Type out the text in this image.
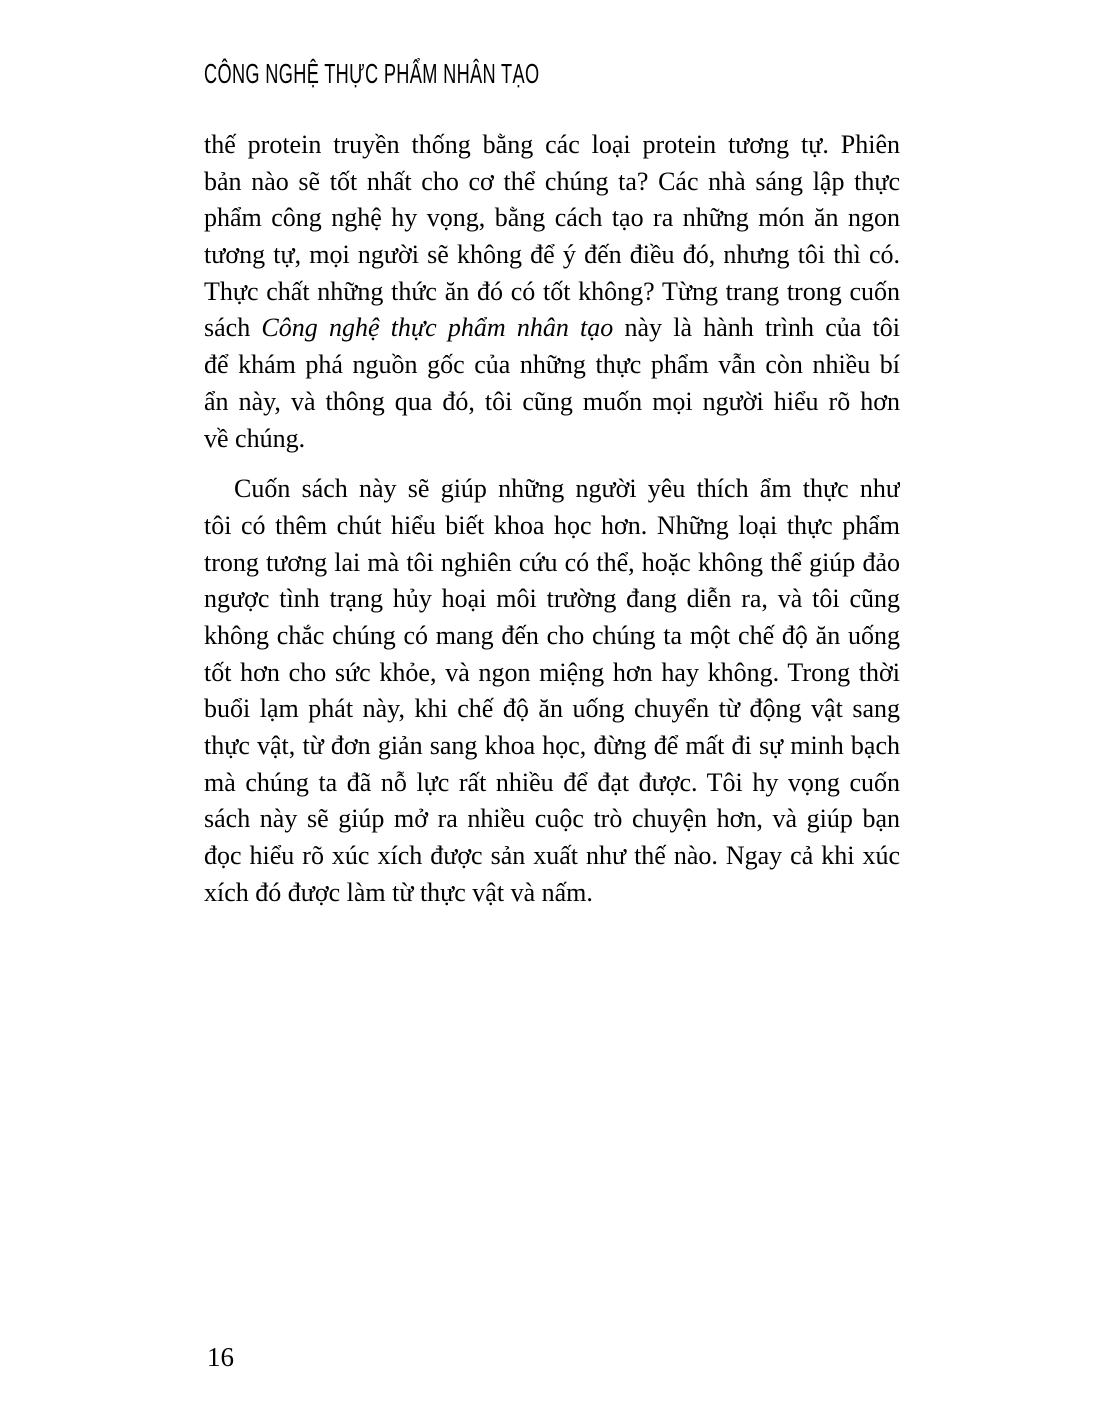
CÔNG NGHỆ THỰC PHẨM NHÂN TẠO
thế protein truyền thống bằng các loại protein tương tự. Phiên
bản nào sẽ tốt nhất cho cơ thể chúng ta? Các nhà sáng lập thực
phẩm công nghệ hy vọng, bằng cách tạo ra những món ăn ngon
tương tự, mọi người sẽ không để ý đến điều đó, nhưng tôi thì có.
Thực chất những thức ăn đó có tốt không? Từng trang trong cuốn
sách Công nghệ thực phẩm nhân tạo này là hành trình của tôi
để khám phá nguồn gốc của những thực phẩm vẫn còn nhiều bí
ẩn này, và thông qua đó, tôi cũng muốn mọi người hiểu rõ hơn
về chúng.
Cuốn sách này sẽ giúp những người yêu thích ẩm thực như
tôi có thêm chút hiểu biết khoa học hơn. Những loại thực phẩm
trong tương lai mà tôi nghiên cứu có thể, hoặc không thể giúp đảo
ngược tình trạng hủy hoại môi trường đang diễn ra, và tôi cũng
không chắc chúng có mang đến cho chúng ta một chế độ ăn uống
tốt hơn cho sức khỏe, và ngon miệng hơn hay không. Trong thời
buổi lạm phát này, khi chế độ ăn uống chuyển từ động vật sang
thực vật, từ đơn giản sang khoa học, đừng để mất đi sự minh bạch
mà chúng ta đã nỗ lực rất nhiều để đạt được. Tôi hy vọng cuốn
sách này sẽ giúp mở ra nhiều cuộc trò chuyện hơn, và giúp bạn
đọc hiểu rõ xúc xích được sản xuất như thế nào. Ngay cả khi xúc
xích đó được làm từ thực vật và nấm.
16
